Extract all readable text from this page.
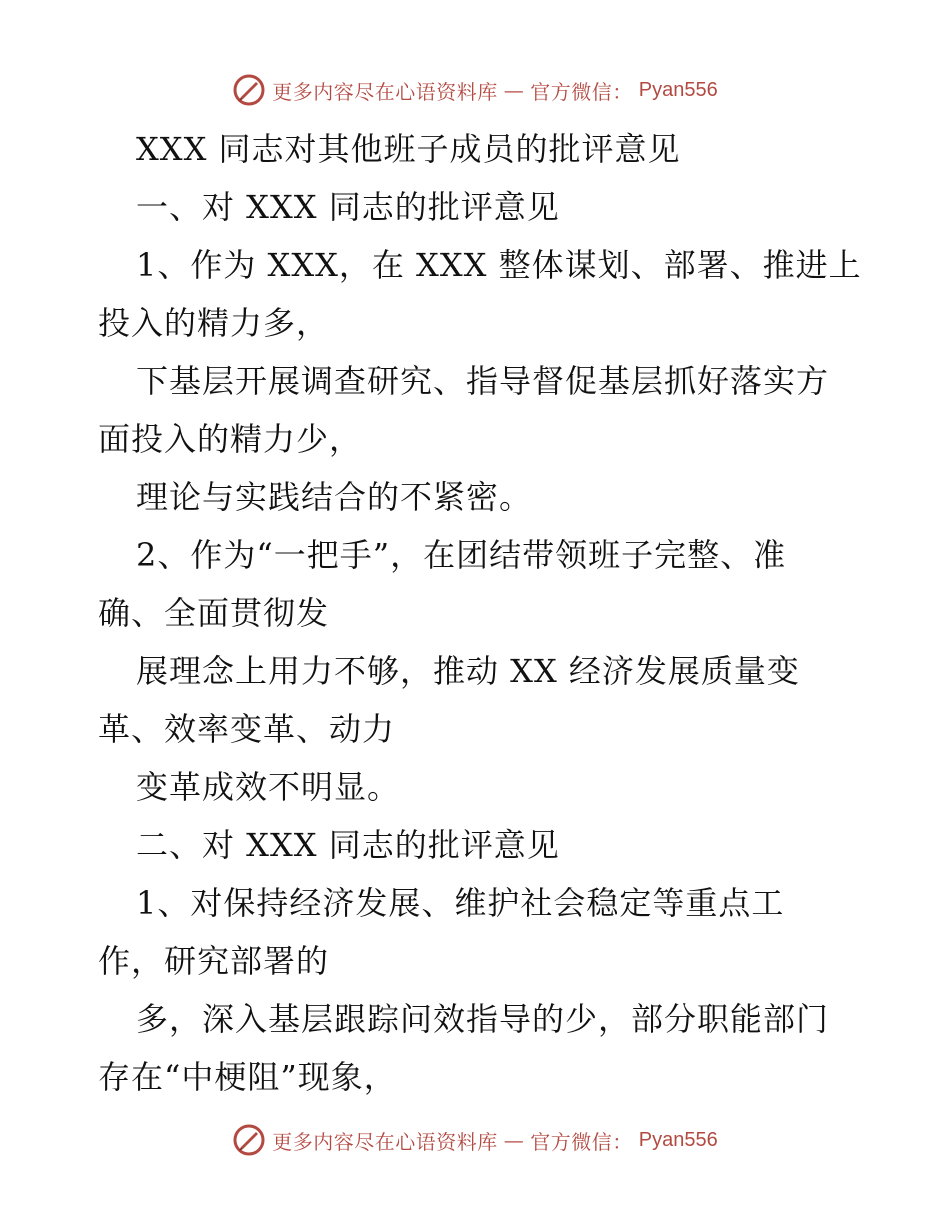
更多内容尽在心语资料库 — 官方微信： Pyan556
XXX 同志对其他班子成员的批评意见
一、对 XXX 同志的批评意见
1、作为 XXX，在 XXX 整体谋划、部署、推进上
投入的精力多，
下基层开展调查研究、指导督促基层抓好落实方
面投入的精力少，
理论与实践结合的不紧密。
2、作为“一把手”，在团结带领班子完整、准
确、全面贯彻发
展理念上用力不够，推动 XX 经济发展质量变
革、效率变革、动力
变革成效不明显。
二、对 XXX 同志的批评意见
1、对保持经济发展、维护社会稳定等重点工
作，研究部署的
多，深入基层跟踪问效指导的少，部分职能部门
存在“中梗阻”现象，
更多内容尽在心语资料库 — 官方微信： Pyan556
